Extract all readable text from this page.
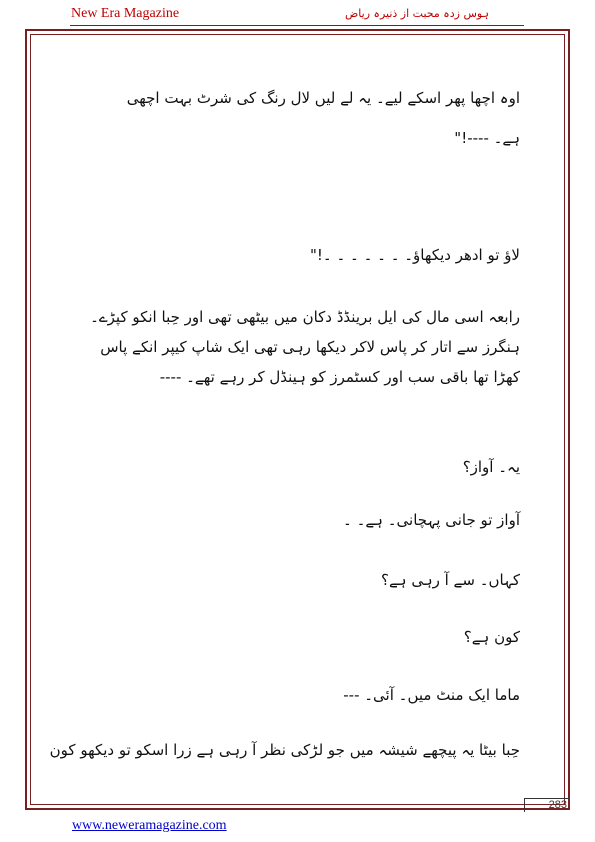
New Era Magazine	ہوس زدہ محبت از ذنیرہ ریاض
اوہ اچھا پھر اسکے لیے۔ یہ لے لیں لال رنگ کی شرٹ بہت اچھی
ہے۔ ----!"
لاؤ تو ادھر دیکھاؤ۔ ۔ ۔ ۔ ۔ ۔ ۔!"
رابعہ اسی مال کی ایل برینڈڈ دکان میں بیٹھی تھی اور حِبا انکو کپڑے۔
ہنگرز سے اتار کر پاس لاکر دیکھا رہی تھی ایک شاپ کیپر انکے پاس
کھڑا تھا باقی سب اور کسٹمرز کو ہینڈل کر رہے تھے۔ ----
یہ۔ آواز؟
آواز تو جانی پہچانی۔ ہے۔ ۔
کہاں۔ سے آ رہی ہے؟
کون ہے؟
ماما ایک منٹ میں۔ آئی۔ ---
حِبا بیٹا یہ پیچھے شیشہ میں جو لڑکی نظر آ رہی ہے زرا اسکو تو دیکھو کون
283
www.neweramagazine.com
